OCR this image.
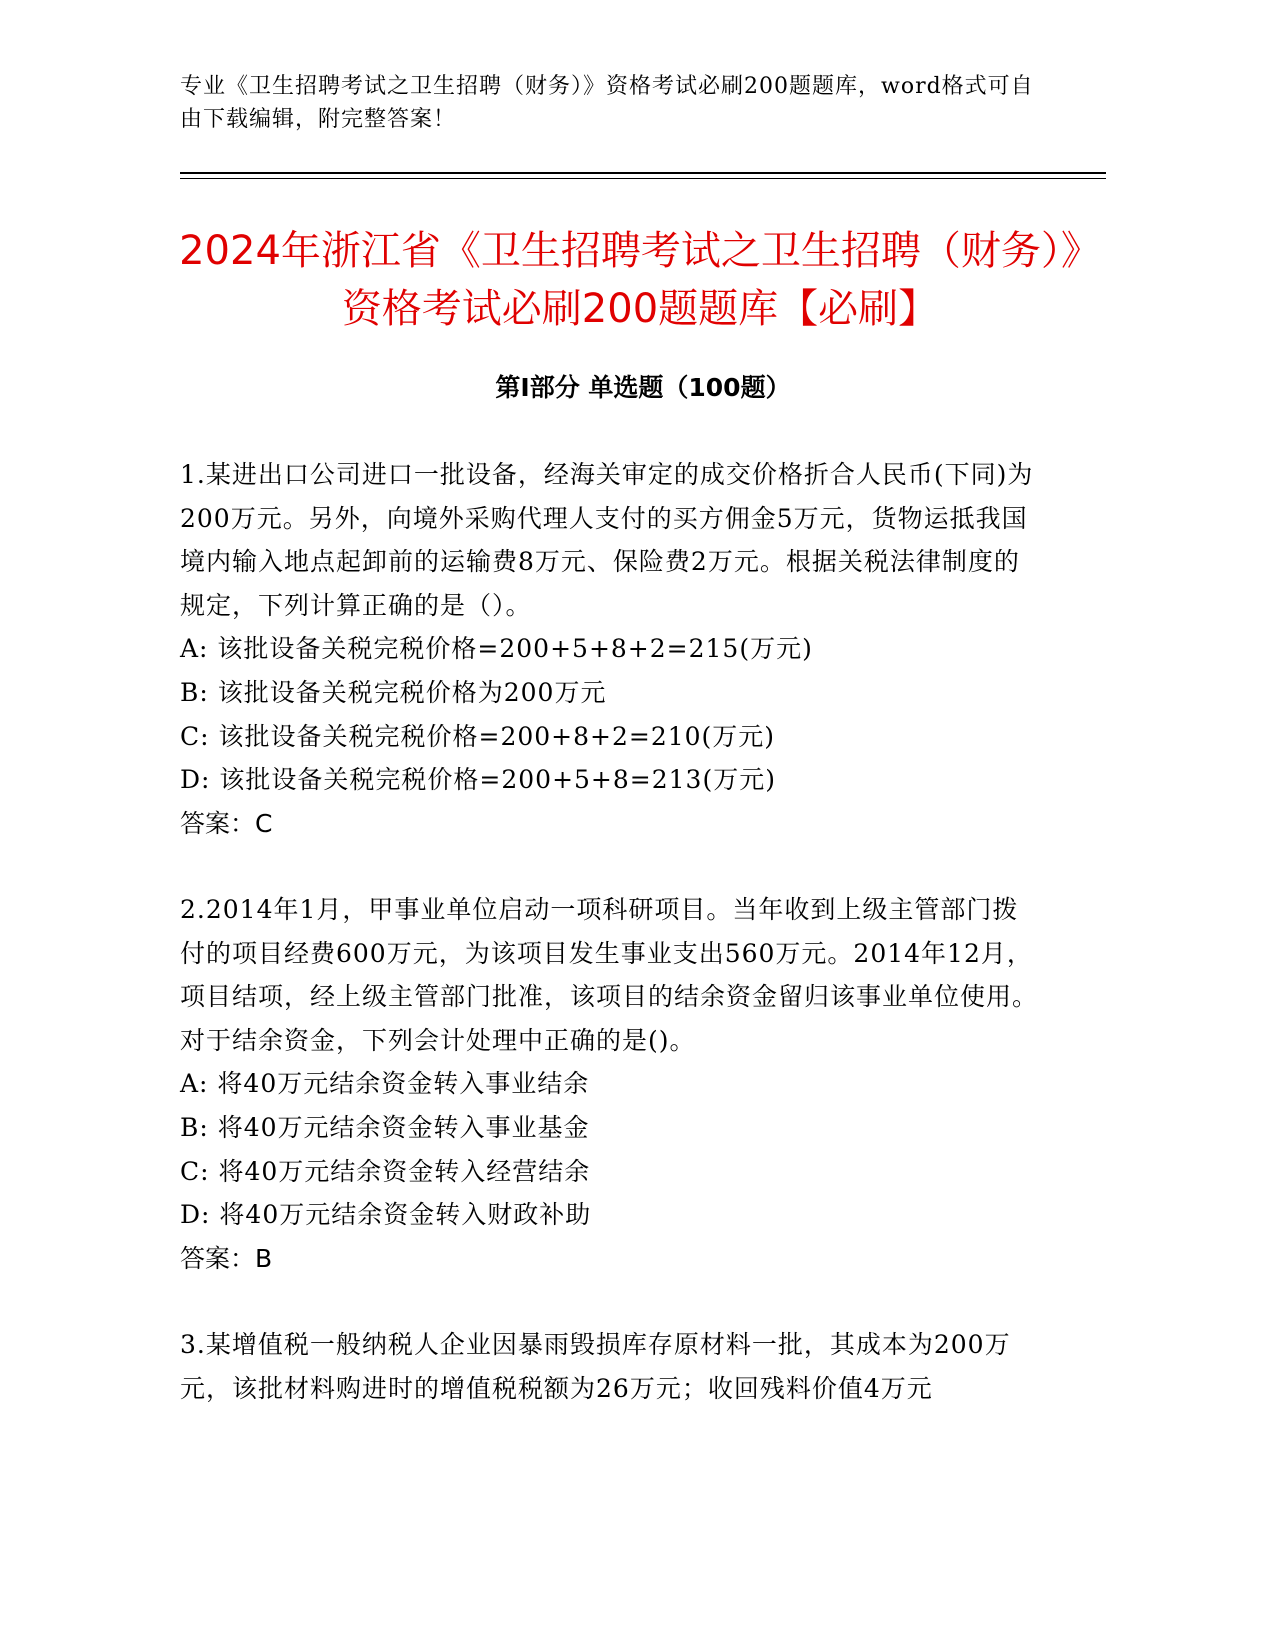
专业《卫生招聘考试之卫生招聘（财务）》资格考试必刷200题题库，word格式可自由下载编辑，附完整答案！
2024年浙江省《卫生招聘考试之卫生招聘（财务）》资格考试必刷200题题库【必刷】
第I部分 单选题（100题）
1.某进出口公司进口一批设备，经海关审定的成交价格折合人民币(下同)为200万元。另外，向境外采购代理人支付的买方佣金5万元，货物运抵我国境内输入地点起卸前的运输费8万元、保险费2万元。根据关税法律制度的规定，下列计算正确的是（）。
A: 该批设备关税完税价格=200+5+8+2=215(万元)
B: 该批设备关税完税价格为200万元
C: 该批设备关税完税价格=200+8+2=210(万元)
D: 该批设备关税完税价格=200+5+8=213(万元)
答案：C
2.2014年1月，甲事业单位启动一项科研项目。当年收到上级主管部门拨付的项目经费600万元，为该项目发生事业支出560万元。2014年12月，项目结项，经上级主管部门批准，该项目的结余资金留归该事业单位使用。对于结余资金，下列会计处理中正确的是()。
A: 将40万元结余资金转入事业结余
B: 将40万元结余资金转入事业基金
C: 将40万元结余资金转入经营结余
D: 将40万元结余资金转入财政补助
答案：B
3.某增值税一般纳税人企业因暴雨毁损库存原材料一批，其成本为200万元，该批材料购进时的增值税税额为26万元；收回残料价值4万元
